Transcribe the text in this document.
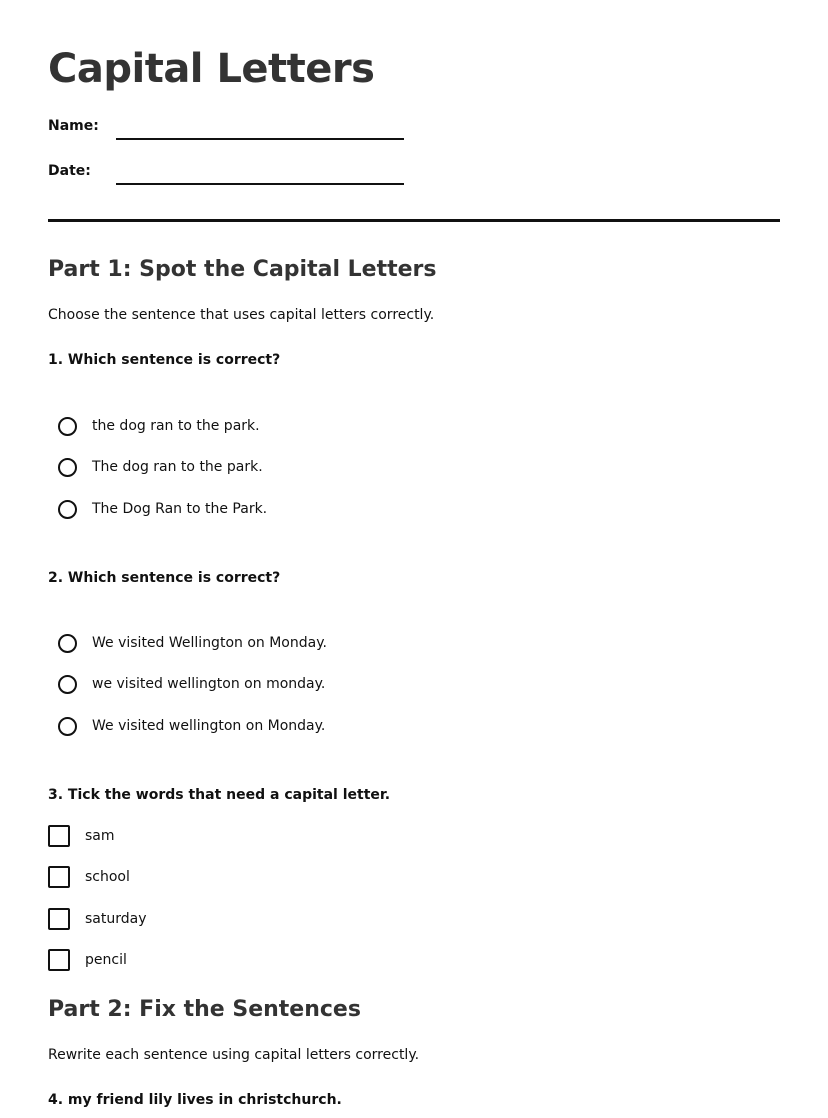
Capital Letters
Name:
Date:
Part 1: Spot the Capital Letters
Choose the sentence that uses capital letters correctly.
1. Which sentence is correct?
the dog ran to the park.
The dog ran to the park.
The Dog Ran to the Park.
2. Which sentence is correct?
We visited Wellington on Monday.
we visited wellington on monday.
We visited wellington on Monday.
3. Tick the words that need a capital letter.
sam
school
saturday
pencil
Part 2: Fix the Sentences
Rewrite each sentence using capital letters correctly.
4. my friend lily lives in christchurch.
